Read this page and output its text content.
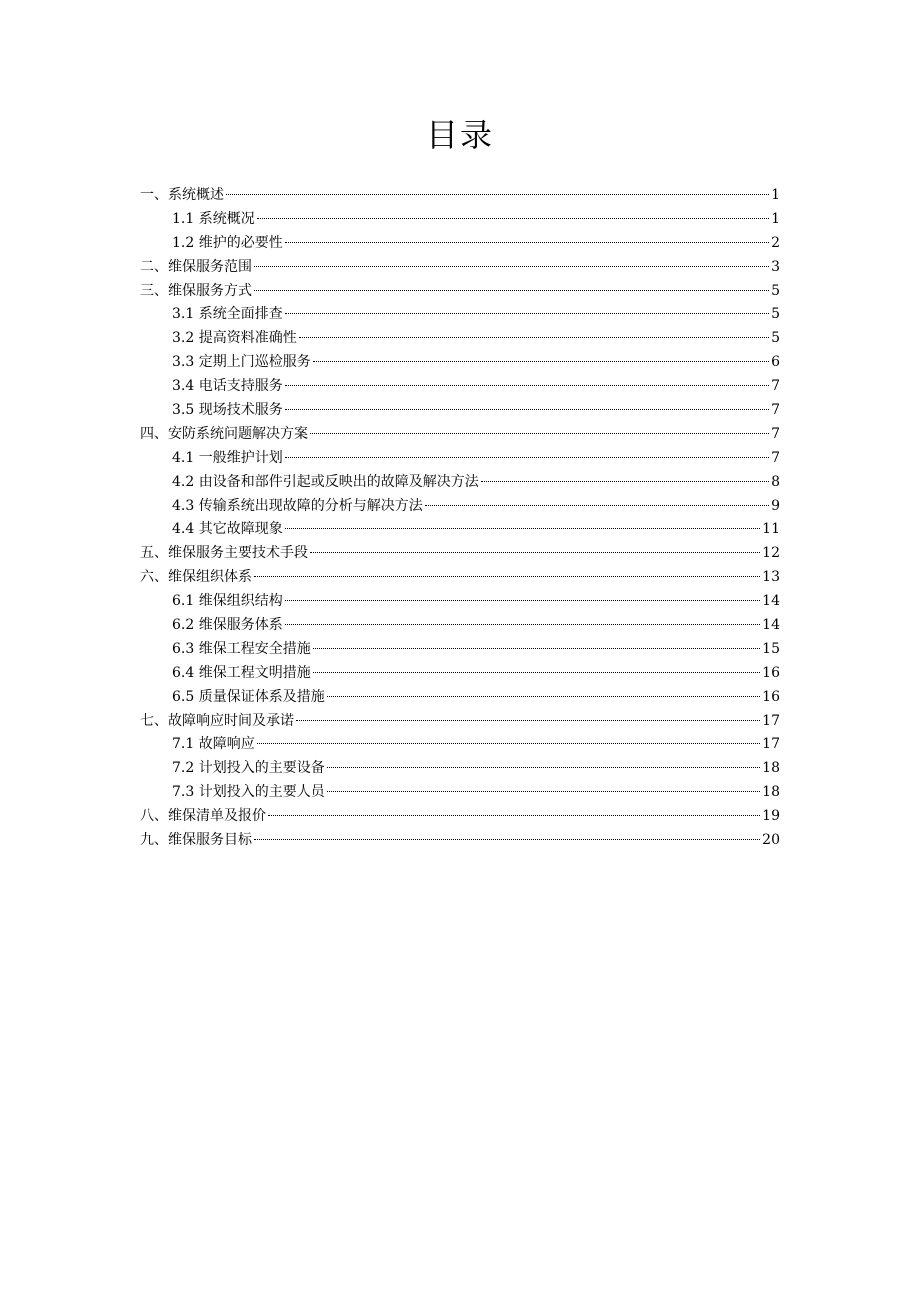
目录
一、系统概述	1
1.1 系统概况	1
1.2 维护的必要性	2
二、维保服务范围	3
三、维保服务方式	5
3.1 系统全面排查	5
3.2 提高资料准确性	5
3.3 定期上门巡检服务	6
3.4 电话支持服务	7
3.5 现场技术服务	7
四、安防系统问题解决方案	7
4.1 一般维护计划	7
4.2 由设备和部件引起或反映出的故障及解决方法	8
4.3 传输系统出现故障的分析与解决方法	9
4.4 其它故障现象	11
五、维保服务主要技术手段	12
六、维保组织体系	13
6.1 维保组织结构	14
6.2 维保服务体系	14
6.3 维保工程安全措施	15
6.4 维保工程文明措施	16
6.5 质量保证体系及措施	16
七、故障响应时间及承诺	17
7.1 故障响应	17
7.2 计划投入的主要设备	18
7.3 计划投入的主要人员	18
八、维保清单及报价	19
九、维保服务目标	20
